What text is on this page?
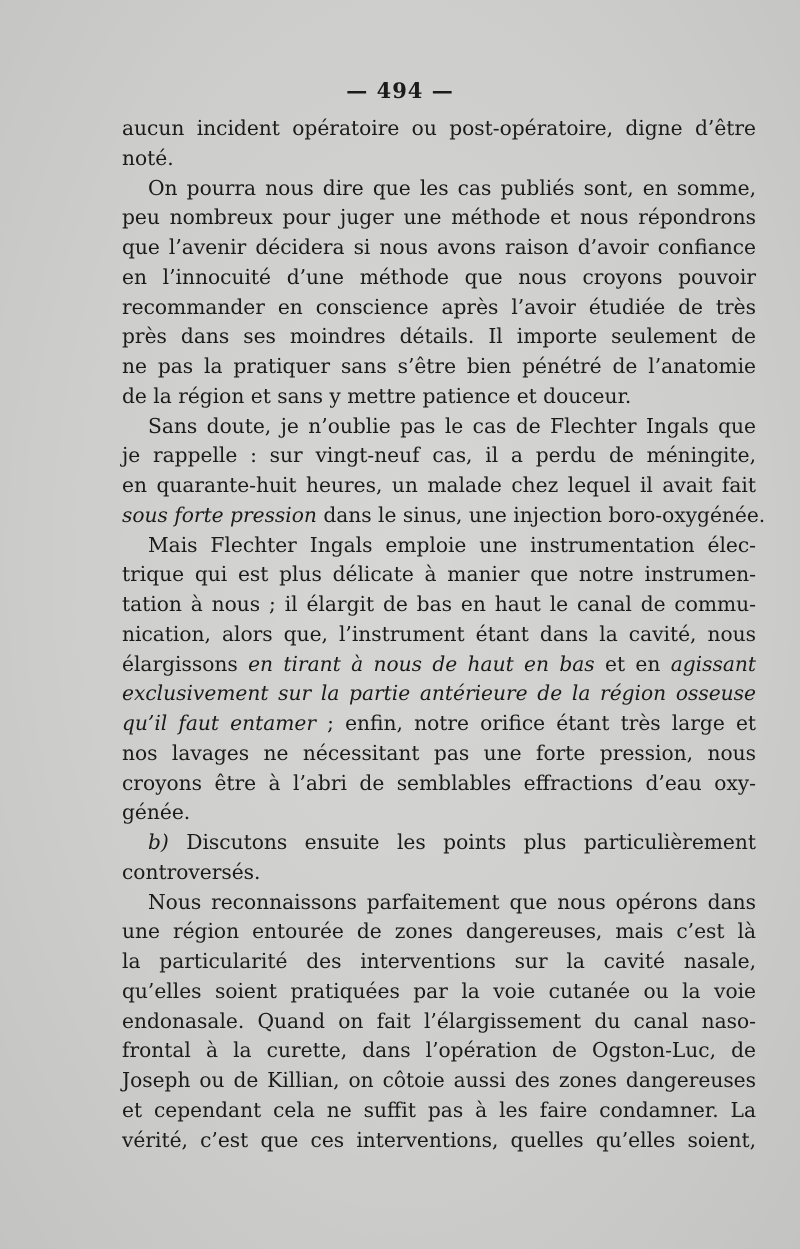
— 494 —
aucun incident opératoire ou post-opératoire, digne d’être
noté.
On pourra nous dire que les cas publiés sont, en somme,
peu nombreux pour juger une méthode et nous répondrons
que l’avenir décidera si nous avons raison d’avoir confiance
en l’innocuité d’une méthode que nous croyons pouvoir
recommander en conscience après l’avoir étudiée de très
près dans ses moindres détails. Il importe seulement de
ne pas la pratiquer sans s’être bien pénétré de l’anatomie
de la région et sans y mettre patience et douceur.
Sans doute, je n’oublie pas le cas de Flechter Ingals que
je rappelle : sur vingt-neuf cas, il a perdu de méningite,
en quarante-huit heures, un malade chez lequel il avait fait
sous forte pression dans le sinus, une injection boro-oxygénée.
Mais Flechter Ingals emploie une instrumentation élec-
trique qui est plus délicate à manier que notre instrumen-
tation à nous ; il élargit de bas en haut le canal de commu-
nication, alors que, l’instrument étant dans la cavité, nous
élargissons en tirant à nous de haut en bas et en agissant
exclusivement sur la partie antérieure de la région osseuse
qu’il faut entamer ; enfin, notre orifice étant très large et
nos lavages ne nécessitant pas une forte pression, nous
croyons être à l’abri de semblables effractions d’eau oxy-
génée.
b) Discutons ensuite les points plus particulièrement
controversés.
Nous reconnaissons parfaitement que nous opérons dans
une région entourée de zones dangereuses, mais c’est là
la particularité des interventions sur la cavité nasale,
qu’elles soient pratiquées par la voie cutanée ou la voie
endonasale. Quand on fait l’élargissement du canal naso-
frontal à la curette, dans l’opération de Ogston-Luc, de
Joseph ou de Killian, on côtoie aussi des zones dangereuses
et cependant cela ne suffit pas à les faire condamner. La
vérité, c’est que ces interventions, quelles qu’elles soient,
